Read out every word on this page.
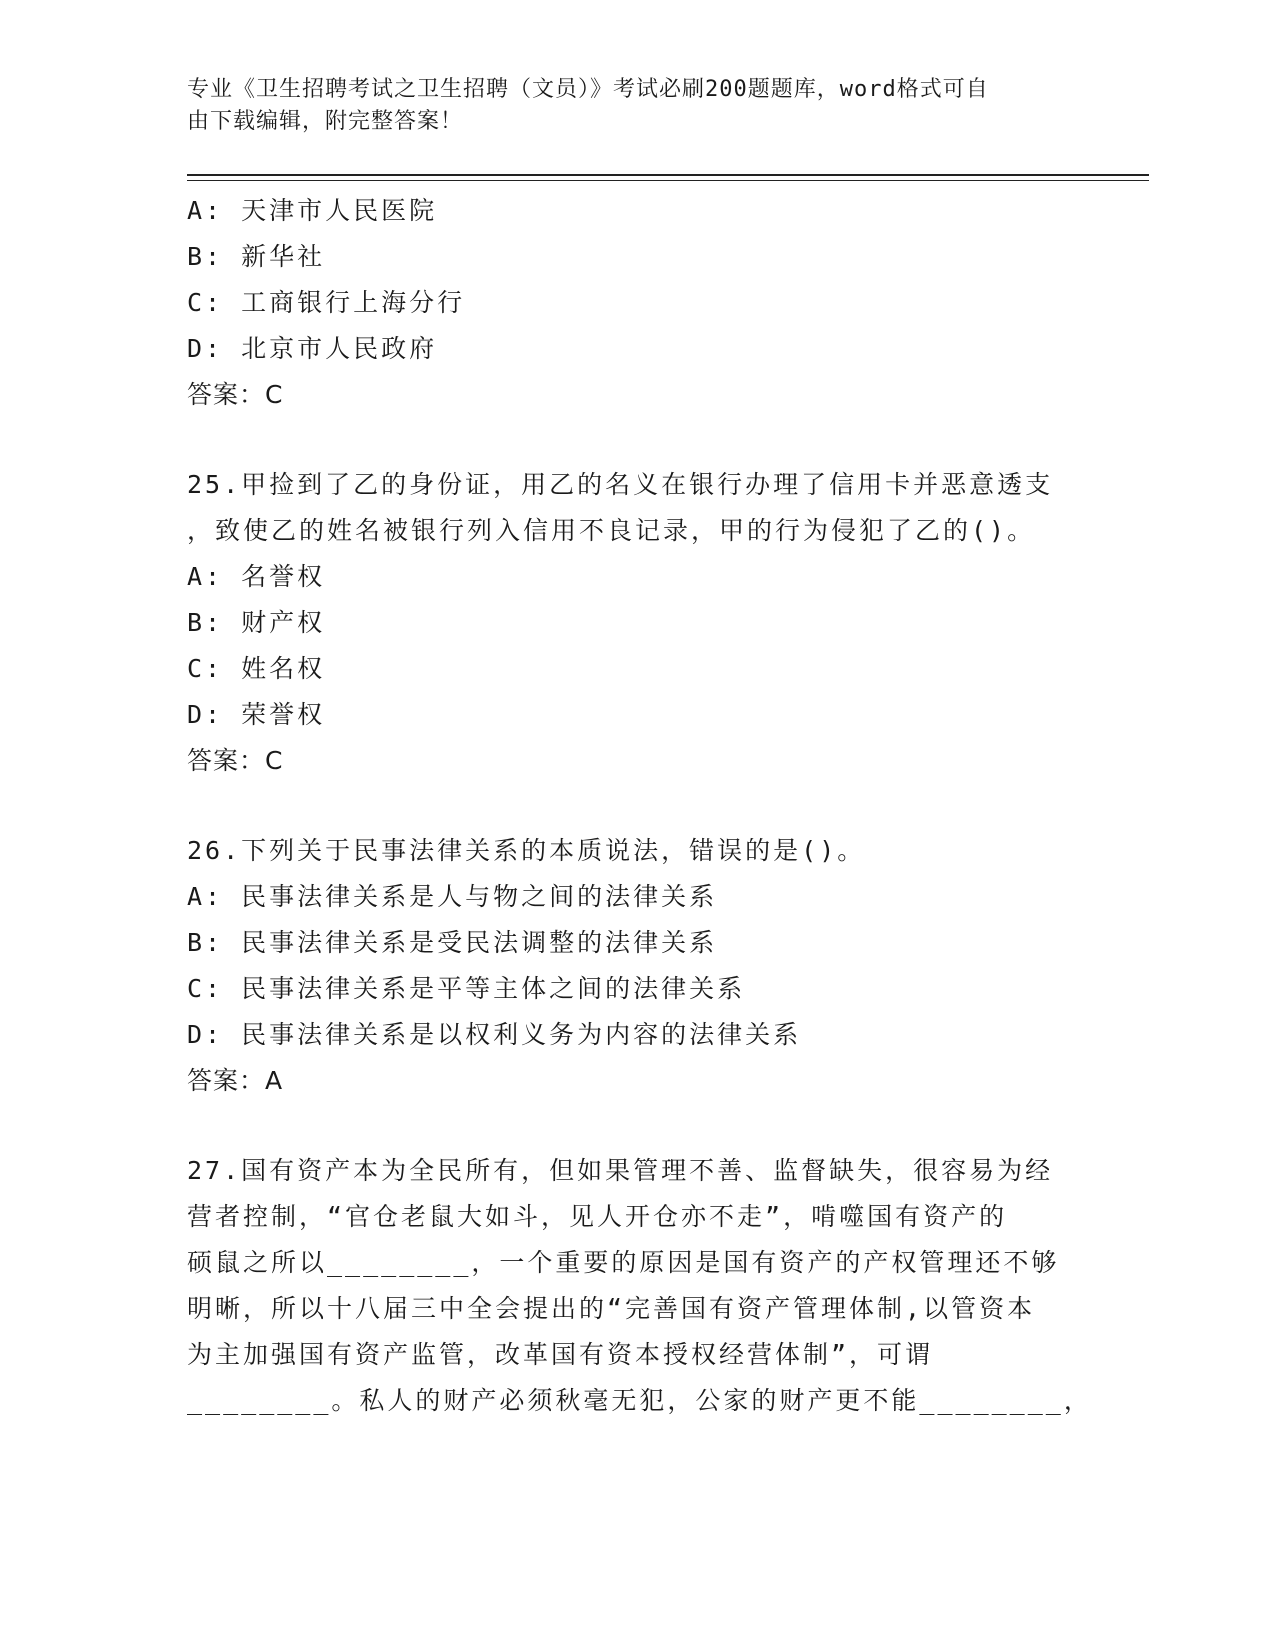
专业《卫生招聘考试之卫生招聘（文员）》考试必刷200题题库，word格式可自
由下载编辑，附完整答案！
A: 天津市人民医院
B: 新华社
C: 工商银行上海分行
D: 北京市人民政府
答案：C
25.甲捡到了乙的身份证，用乙的名义在银行办理了信用卡并恶意透支
，致使乙的姓名被银行列入信用不良记录，甲的行为侵犯了乙的()。
A: 名誉权
B: 财产权
C: 姓名权
D: 荣誉权
答案：C
26.下列关于民事法律关系的本质说法，错误的是()。
A: 民事法律关系是人与物之间的法律关系
B: 民事法律关系是受民法调整的法律关系
C: 民事法律关系是平等主体之间的法律关系
D: 民事法律关系是以权利义务为内容的法律关系
答案：A
27.国有资产本为全民所有，但如果管理不善、监督缺失，很容易为经
营者控制，“官仓老鼠大如斗，见人开仓亦不走”，啃噬国有资产的
硕鼠之所以________，一个重要的原因是国有资产的产权管理还不够
明晰，所以十八届三中全会提出的“完善国有资产管理体制,以管资本
为主加强国有资产监管，改革国有资本授权经营体制”，可谓
________。私人的财产必须秋毫无犯，公家的财产更不能________，
